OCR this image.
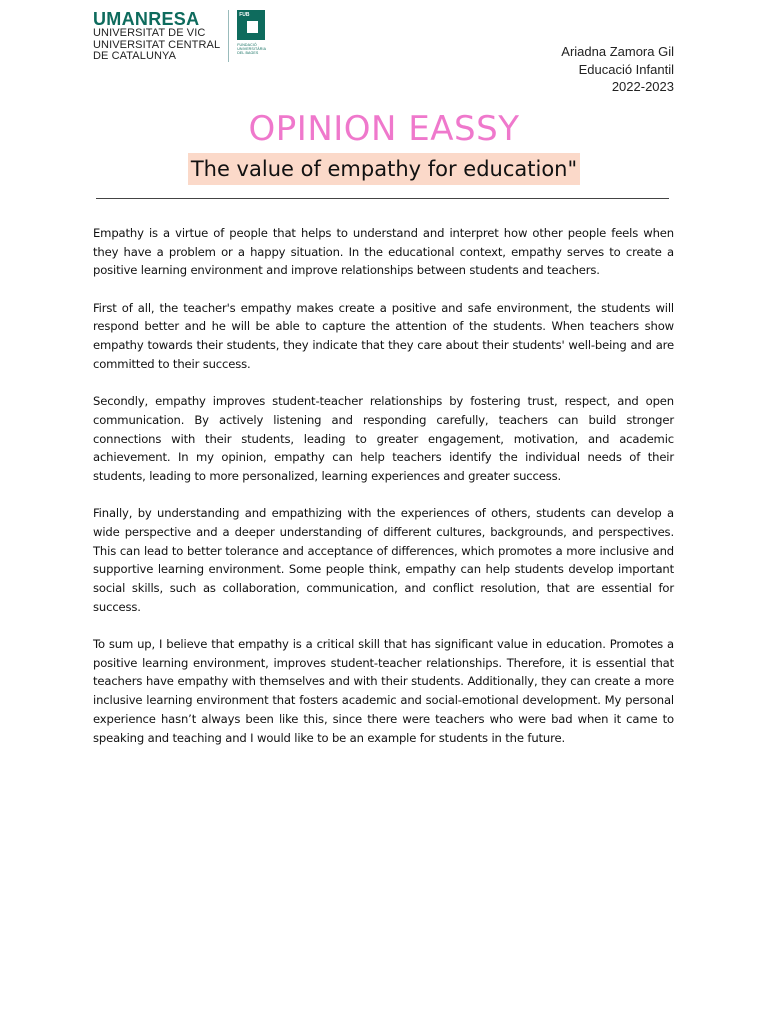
UMANRESA
UNIVERSITAT DE VIC
UNIVERSITAT CENTRAL
DE CATALUNYA
FUB
FUNDACIÓ
UNIVERSITÀRIA
DEL BAGES	Ariadna Zamora Gil
Educació Infantil
2022-2023
OPINION EASSY
The value of empathy for education"

Empathy is a virtue of people that helps to understand and interpret how other people feels when they have a problem or a happy situation. In the educational context, empathy serves to create a positive learning environment and improve relationships between students and teachers.

First of all, the teacher's empathy makes create a positive and safe environment, the students will respond better and he will be able to capture the attention of the students. When teachers show empathy towards their students, they indicate that they care about their students' well-being and are committed to their success.

Secondly, empathy improves student-teacher relationships by fostering trust, respect, and open communication. By actively listening and responding carefully, teachers can build stronger connections with their students, leading to greater engagement, motivation, and academic achievement. In my opinion, empathy can help teachers identify the individual needs of their students, leading to more personalized, learning experiences and greater success.

Finally, by understanding and empathizing with the experiences of others, students can develop a wide perspective and a deeper understanding of different cultures, backgrounds, and perspectives. This can lead to better tolerance and acceptance of differences, which promotes a more inclusive and supportive learning environment. Some people think, empathy can help students develop important social skills, such as collaboration, communication, and conflict resolution, that are essential for success.

To sum up, I believe that empathy is a critical skill that has significant value in education. Promotes a positive learning environment, improves student-teacher relationships. Therefore, it is essential that teachers have empathy with themselves and with their students. Additionally, they can create a more inclusive learning environment that fosters academic and social-emotional development. My personal experience hasn’t always been like this, since there were teachers who were bad when it came to speaking and teaching and I would like to be an example for students in the future.
